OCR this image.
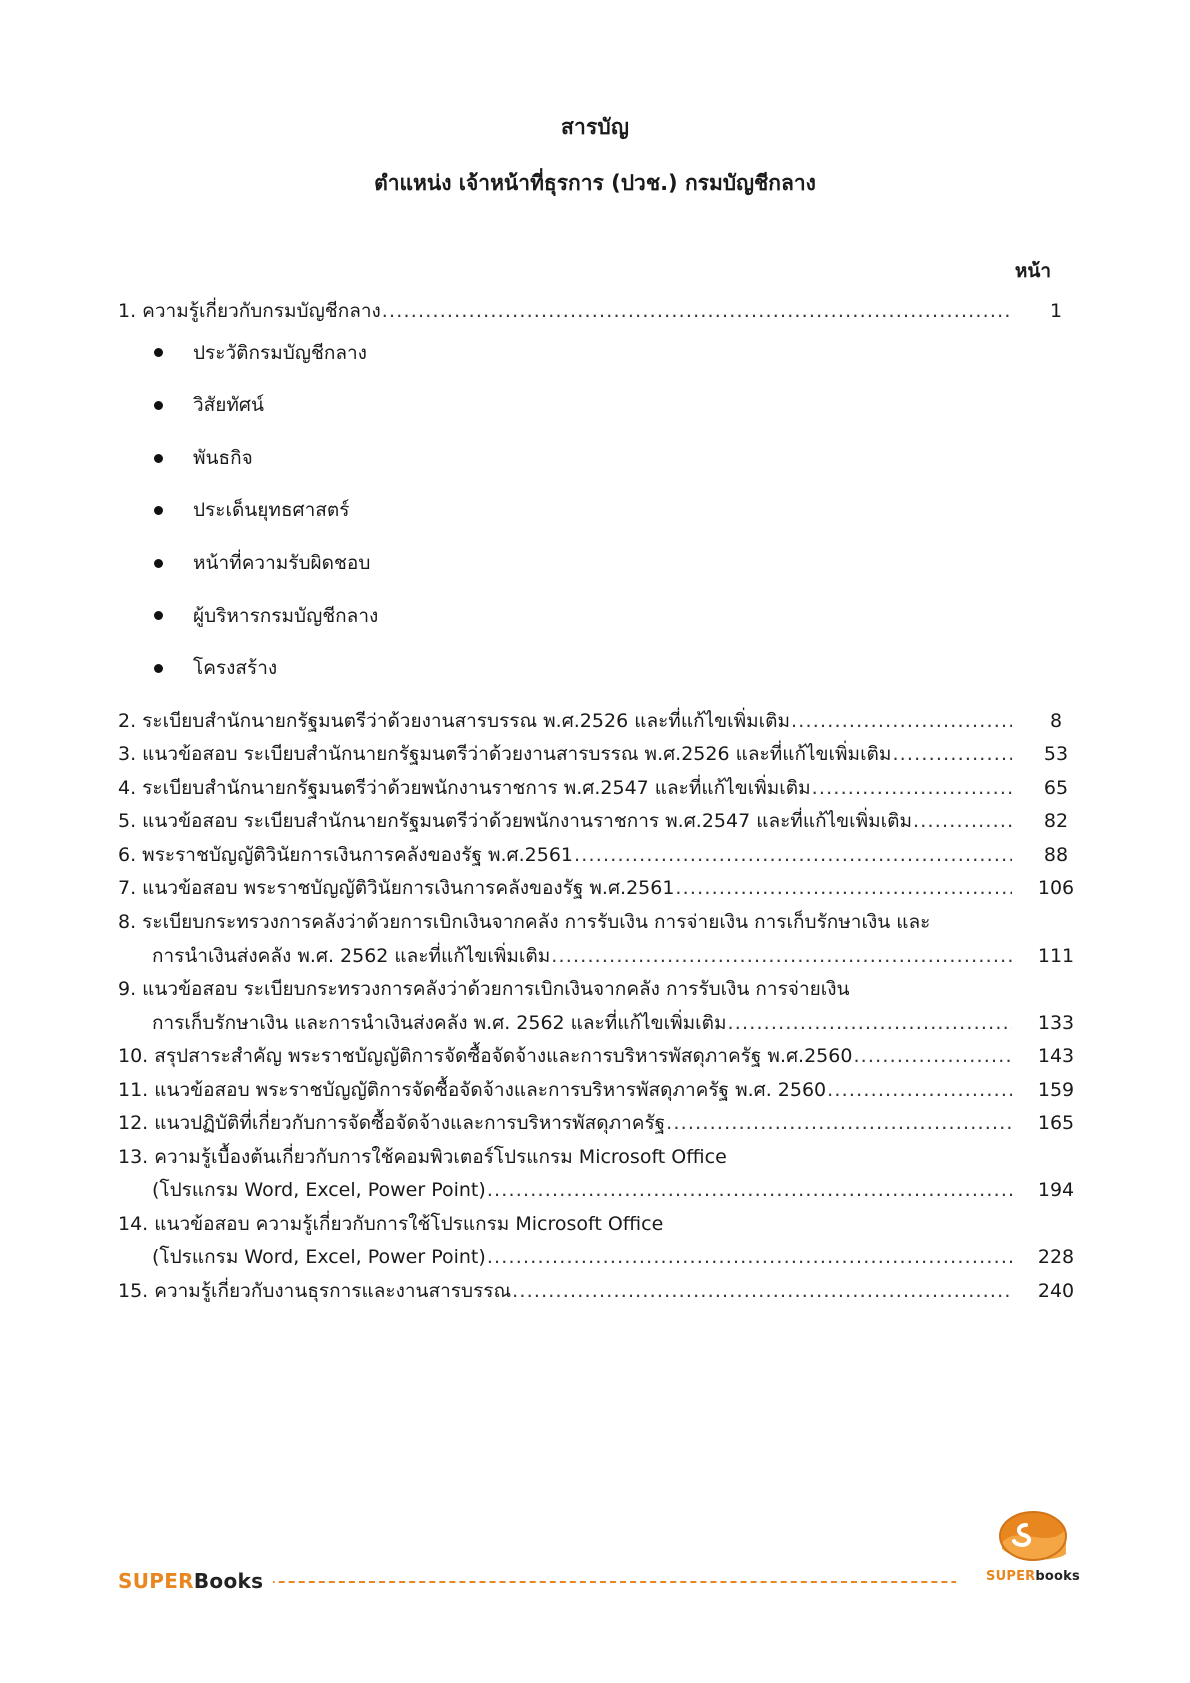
สารบัญ
ตำแหน่ง เจ้าหน้าที่ธุรการ (ปวช.) กรมบัญชีกลาง
หน้า
1. ความรู้เกี่ยวกับกรมบัญชีกลาง .....	1
ประวัติกรมบัญชีกลาง
วิสัยทัศน์
พันธกิจ
ประเด็นยุทธศาสตร์
หน้าที่ความรับผิดชอบ
ผู้บริหารกรมบัญชีกลาง
โครงสร้าง
2. ระเบียบสำนักนายกรัฐมนตรีว่าด้วยงานสารบรรณ พ.ศ.2526 และที่แก้ไขเพิ่มเติม .....	8
3. แนวข้อสอบ ระเบียบสำนักนายกรัฐมนตรีว่าด้วยงานสารบรรณ พ.ศ.2526 และที่แก้ไขเพิ่มเติม .....	53
4. ระเบียบสำนักนายกรัฐมนตรีว่าด้วยพนักงานราชการ พ.ศ.2547 และที่แก้ไขเพิ่มเติม .....	65
5. แนวข้อสอบ ระเบียบสำนักนายกรัฐมนตรีว่าด้วยพนักงานราชการ พ.ศ.2547 และที่แก้ไขเพิ่มเติม .....	82
6. พระราชบัญญัติวินัยการเงินการคลังของรัฐ พ.ศ.2561 .....	88
7. แนวข้อสอบ พระราชบัญญัติวินัยการเงินการคลังของรัฐ พ.ศ.2561 .....	106
8. ระเบียบกระทรวงการคลังว่าด้วยการเบิกเงินจากคลัง การรับเงิน การจ่ายเงิน การเก็บรักษาเงิน และ
การนำเงินส่งคลัง พ.ศ. 2562 และที่แก้ไขเพิ่มเติม .....	111
9. แนวข้อสอบ ระเบียบกระทรวงการคลังว่าด้วยการเบิกเงินจากคลัง การรับเงิน การจ่ายเงิน
การเก็บรักษาเงิน และการนำเงินส่งคลัง พ.ศ. 2562 และที่แก้ไขเพิ่มเติม .....	133
10. สรุปสาระสำคัญ พระราชบัญญัติการจัดซื้อจัดจ้างและการบริหารพัสดุภาครัฐ พ.ศ.2560 .....	143
11. แนวข้อสอบ พระราชบัญญัติการจัดซื้อจัดจ้างและการบริหารพัสดุภาครัฐ พ.ศ. 2560 .....	159
12. แนวปฏิบัติที่เกี่ยวกับการจัดซื้อจัดจ้างและการบริหารพัสดุภาครัฐ .....	165
13. ความรู้เบื้องต้นเกี่ยวกับการใช้คอมพิวเตอร์โปรแกรม Microsoft Office
(โปรแกรม Word, Excel, Power Point) .....	194
14. แนวข้อสอบ ความรู้เกี่ยวกับการใช้โปรแกรม Microsoft Office
(โปรแกรม Word, Excel, Power Point) .....	228
15. ความรู้เกี่ยวกับงานธุรการและงานสารบรรณ .....	240
SUPERBooks	SUPERbooks
